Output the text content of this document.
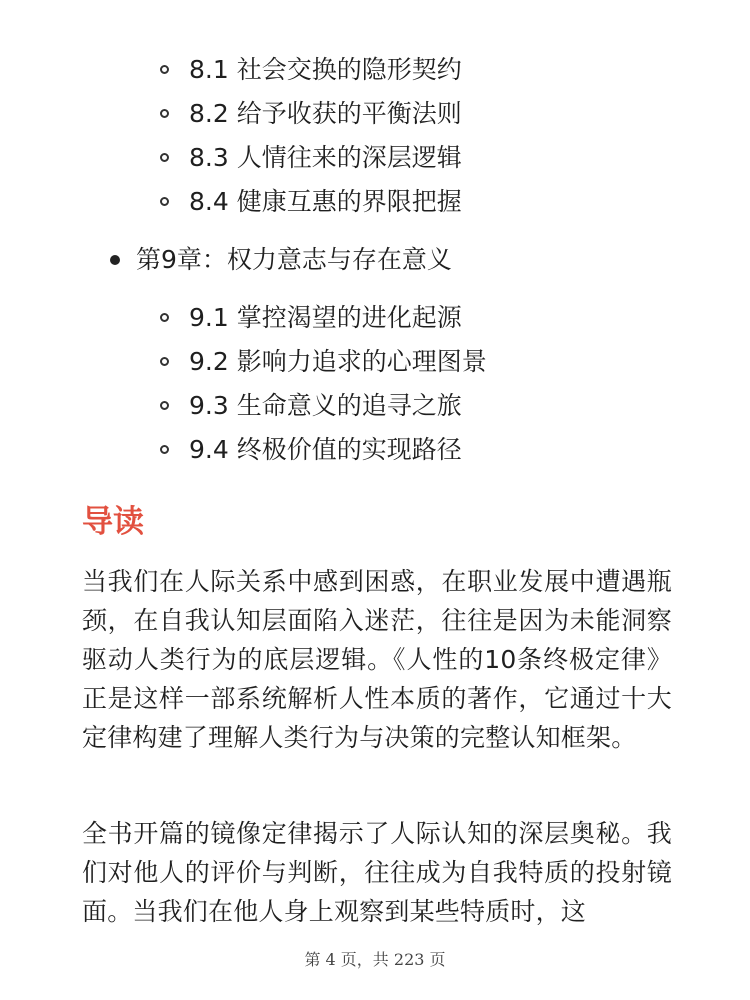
8.1 社会交换的隐形契约
8.2 给予收获的平衡法则
8.3 人情往来的深层逻辑
8.4 健康互惠的界限把握
第9章：权力意志与存在意义
9.1 掌控渴望的进化起源
9.2 影响力追求的心理图景
9.3 生命意义的追寻之旅
9.4 终极价值的实现路径
导读

当我们在人际关系中感到困惑，在职业发展中遭遇瓶颈，在自我认知层面陷入迷茫，往往是因为未能洞察驱动人类行为的底层逻辑。《人性的10条终极定律》正是这样一部系统解析人性本质的著作，它通过十大定律构建了理解人类行为与决策的完整认知框架。

全书开篇的镜像定律揭示了人际认知的深层奥秘。我们对他人的评价与判断，往往成为自我特质的投射镜面。当我们在他人身上观察到某些特质时，这

第 4 页，共 223 页
